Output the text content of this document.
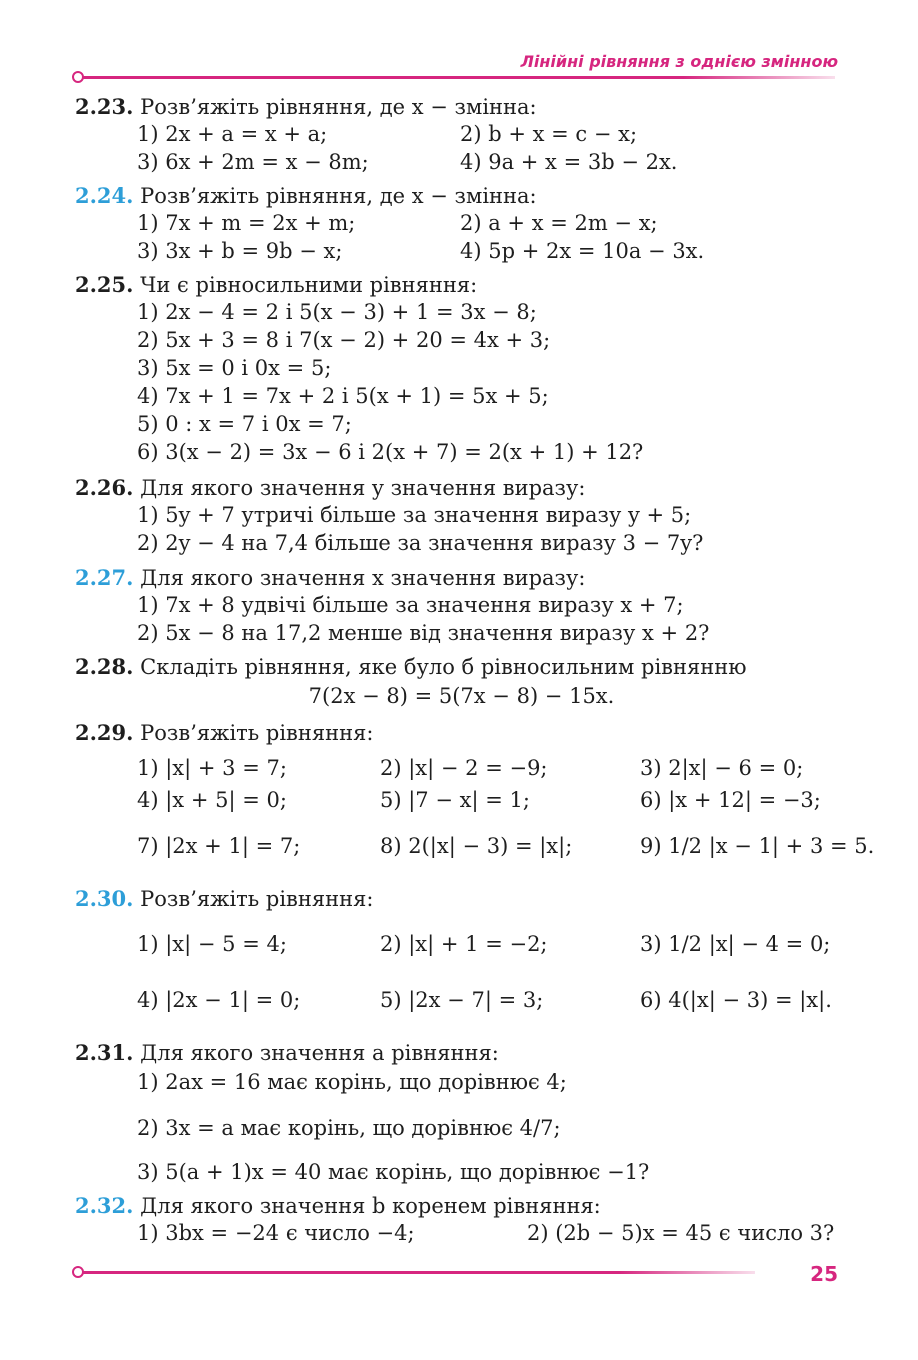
Лінійні рівняння з однією змінною
2.23. Розв’яжіть рівняння, де x − змінна:
1) 2x + a = x + a;	2) b + x = c − x;
3) 6x + 2m = x − 8m;	4) 9a + x = 3b − 2x.
2.24. Розв’яжіть рівняння, де x − змінна:
1) 7x + m = 2x + m;	2) a + x = 2m − x;
3) 3x + b = 9b − x;	4) 5p + 2x = 10a − 3x.
2.25. Чи є рівносильними рівняння:
1) 2x − 4 = 2 і 5(x − 3) + 1 = 3x − 8;
2) 5x + 3 = 8 і 7(x − 2) + 20 = 4x + 3;
3) 5x = 0 і 0x = 5;
4) 7x + 1 = 7x + 2 і 5(x + 1) = 5x + 5;
5) 0 : x = 7 і 0x = 7;
6) 3(x − 2) = 3x − 6 і 2(x + 7) = 2(x + 1) + 12?
2.26. Для якого значення y значення виразу:
1) 5y + 7 утричі більше за значення виразу y + 5;
2) 2y − 4 на 7,4 більше за значення виразу 3 − 7y?
2.27. Для якого значення x значення виразу:
1) 7x + 8 удвічі більше за значення виразу x + 7;
2) 5x − 8 на 17,2 менше від значення виразу x + 2?
2.28. Складіть рівняння, яке було б рівносильним рівнянню
7(2x − 8) = 5(7x − 8) − 15x.
2.29. Розв’яжіть рівняння:
1) |x| + 3 = 7;	2) |x| − 2 = −9;	3) 2|x| − 6 = 0;
4) |x + 5| = 0;	5) |7 − x| = 1;	6) |x + 12| = −3;
7) |2x + 1| = 7;	8) 2(|x| − 3) = |x|;	9) 1/2 |x − 1| + 3 = 5.
2.30. Розв’яжіть рівняння:
1) |x| − 5 = 4;	2) |x| + 1 = −2;	3) 1/2 |x| − 4 = 0;
4) |2x − 1| = 0;	5) |2x − 7| = 3;	6) 4(|x| − 3) = |x|.
2.31. Для якого значення a рівняння:
1) 2ax = 16 має корінь, що дорівнює 4;
2) 3x = a має корінь, що дорівнює 4/7;
3) 5(a + 1)x = 40 має корінь, що дорівнює −1?
2.32. Для якого значення b коренем рівняння:
1) 3bx = −24 є число −4;	2) (2b − 5)x = 45 є число 3?
25
